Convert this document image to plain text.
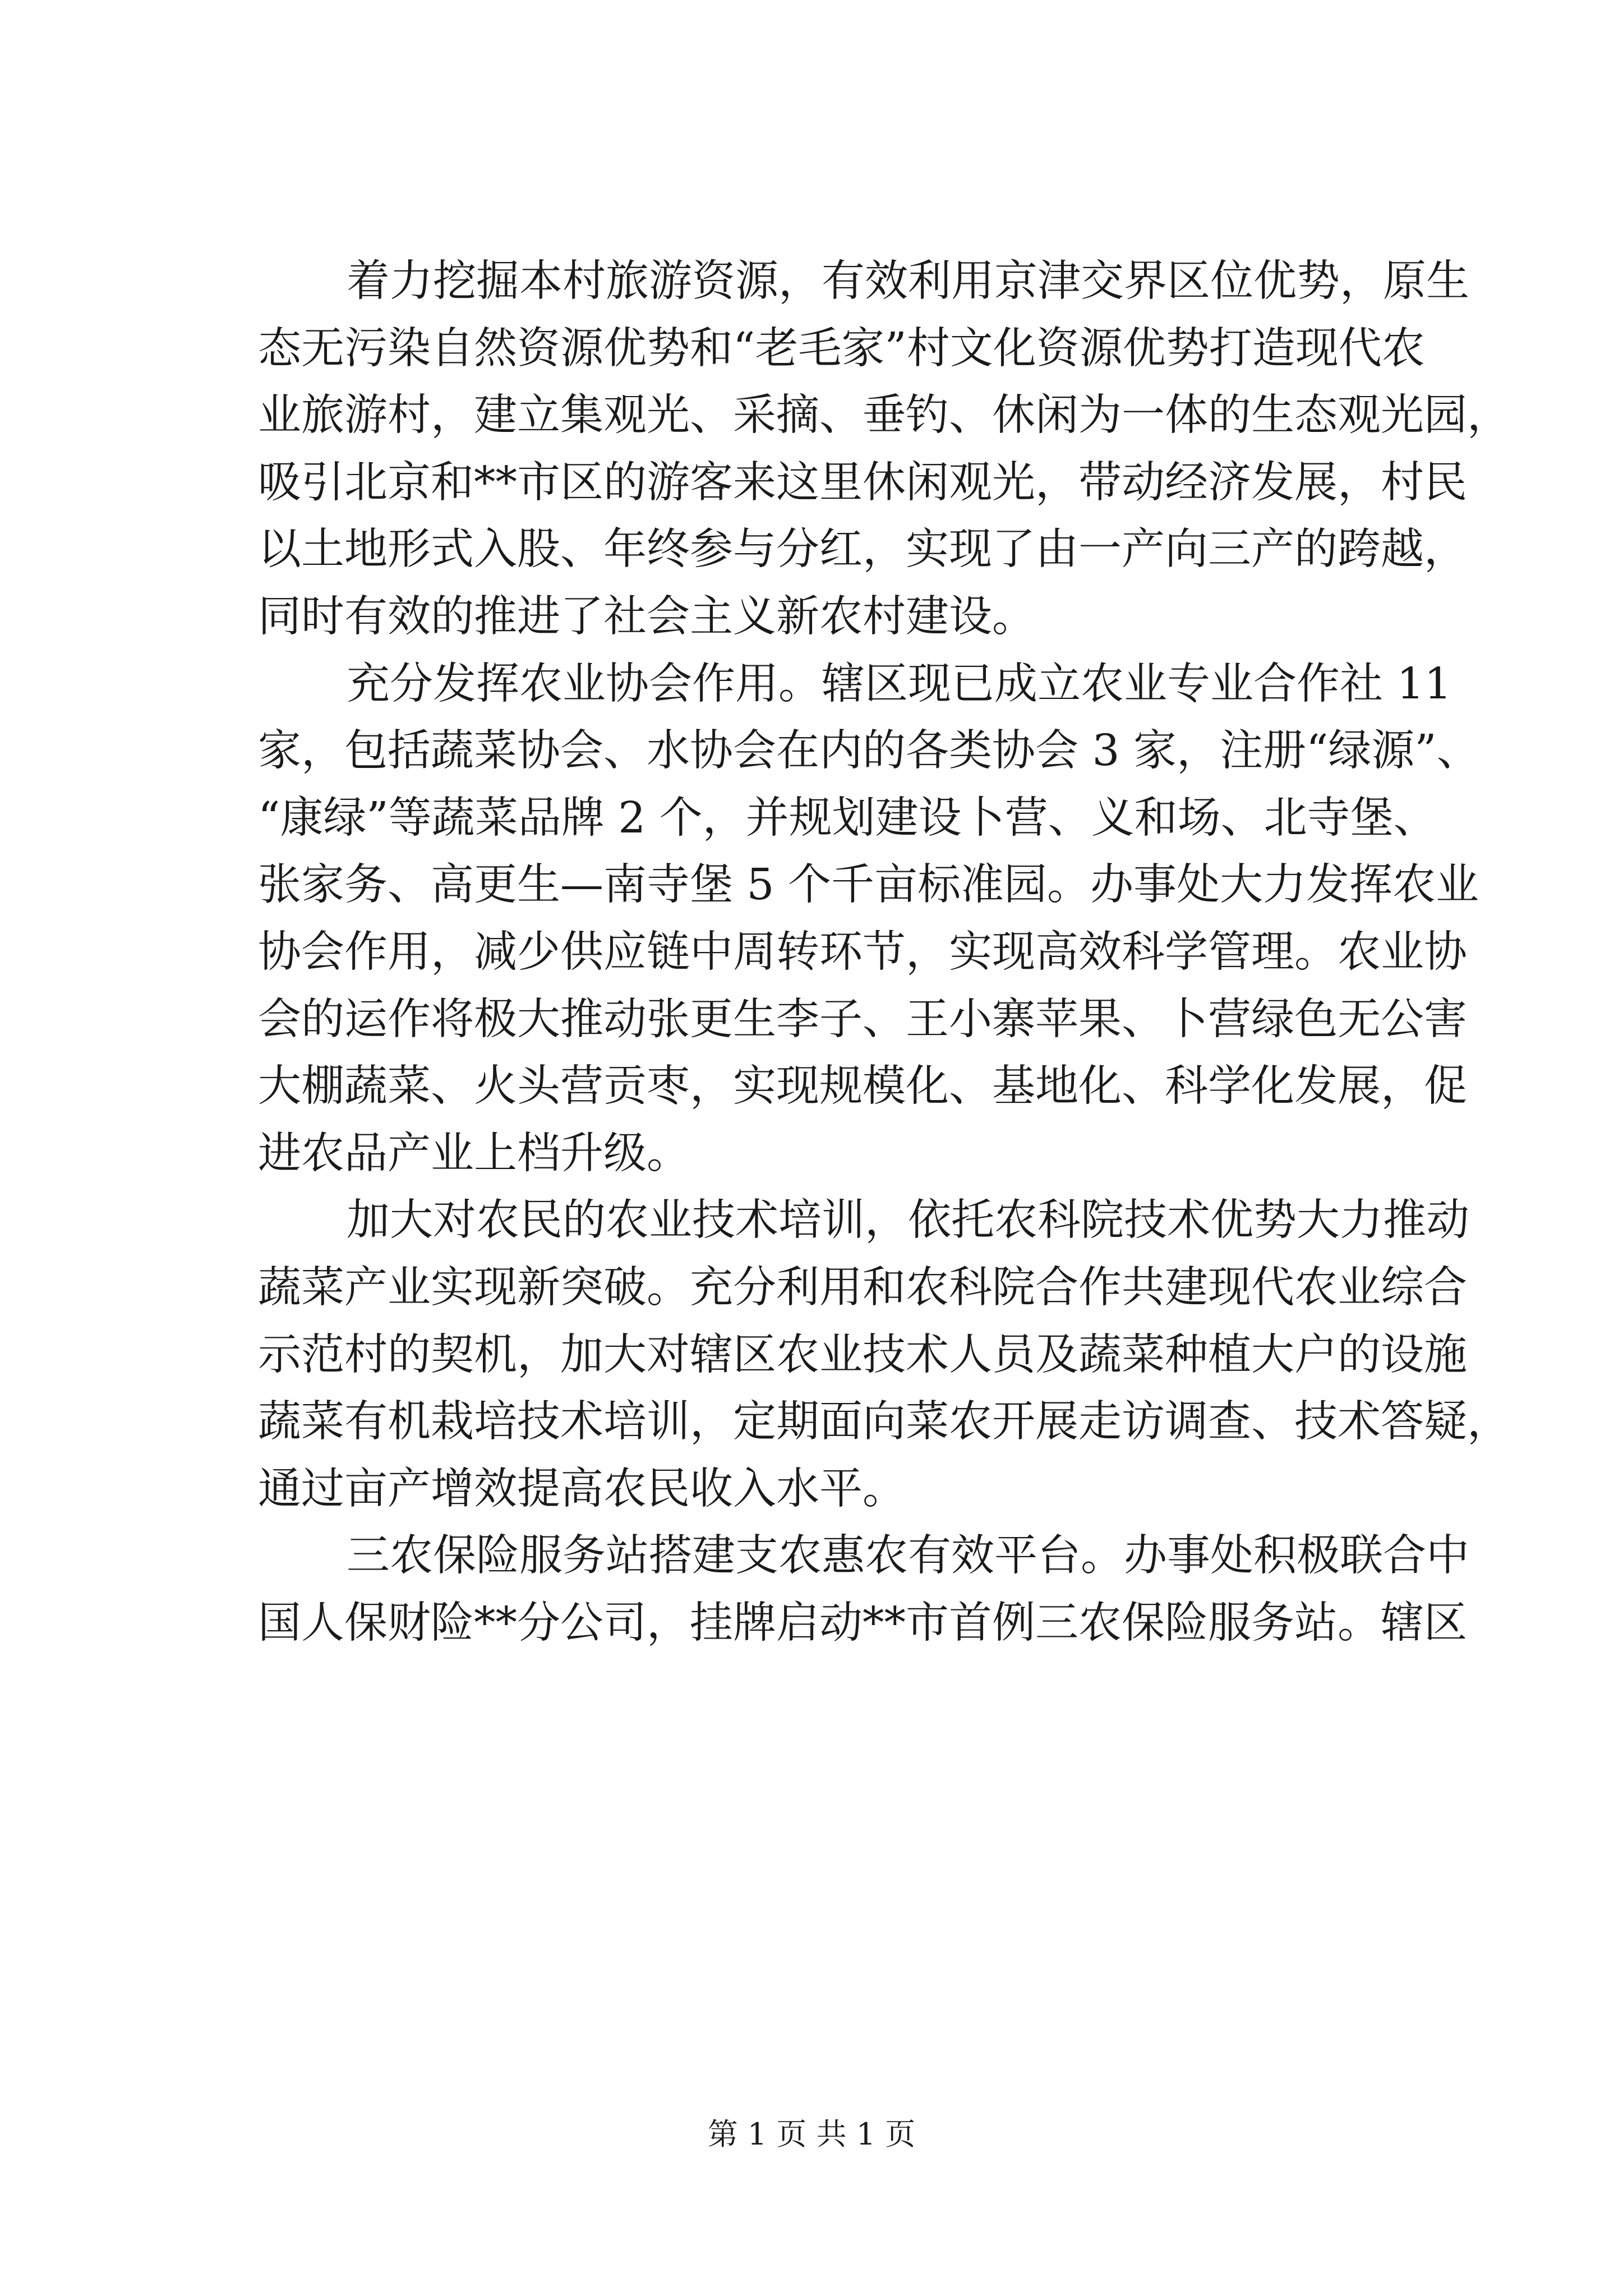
着力挖掘本村旅游资源，有效利用京津交界区位优势，原生
态无污染自然资源优势和“老毛家”村文化资源优势打造现代农
业旅游村，建立集观光、采摘、垂钓、休闲为一体的生态观光园，
吸引北京和**市区的游客来这里休闲观光，带动经济发展，村民
以土地形式入股、年终参与分红，实现了由一产向三产的跨越，
同时有效的推进了社会主义新农村建设。
充分发挥农业协会作用。辖区现已成立农业专业合作社 11
家，包括蔬菜协会、水协会在内的各类协会 3 家，注册“绿源”、
“康绿”等蔬菜品牌 2 个，并规划建设卜营、义和场、北寺堡、
张家务、高更生—南寺堡 5 个千亩标准园。办事处大力发挥农业
协会作用，减少供应链中周转环节，实现高效科学管理。农业协
会的运作将极大推动张更生李子、王小寨苹果、卜营绿色无公害
大棚蔬菜、火头营贡枣，实现规模化、基地化、科学化发展，促
进农品产业上档升级。
加大对农民的农业技术培训，依托农科院技术优势大力推动
蔬菜产业实现新突破。充分利用和农科院合作共建现代农业综合
示范村的契机，加大对辖区农业技术人员及蔬菜种植大户的设施
蔬菜有机栽培技术培训，定期面向菜农开展走访调查、技术答疑，
通过亩产增效提高农民收入水平。
三农保险服务站搭建支农惠农有效平台。办事处积极联合中
国人保财险**分公司，挂牌启动**市首例三农保险服务站。辖区
第 1 页 共 1 页
